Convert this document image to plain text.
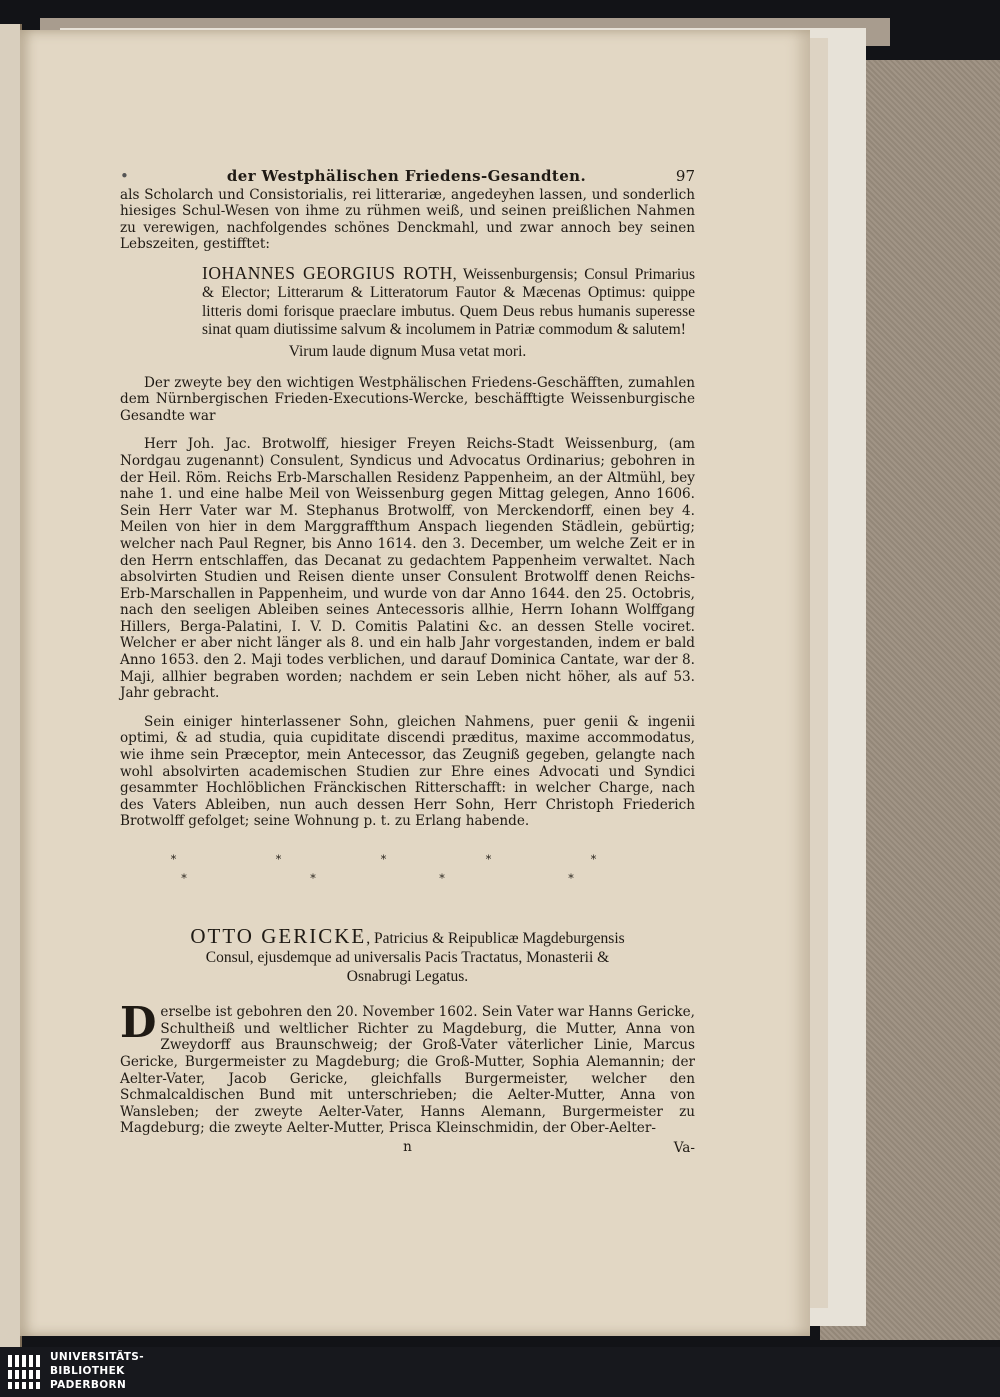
•	der Westphälischen Friedens-Gesandten.	97

als Scholarch und Consistorialis, rei litterariæ, angedeyhen lassen, und sonderlich hiesiges Schul-Wesen von ihme zu rühmen weiß, und seinen preißlichen Nahmen zu verewigen, nachfolgendes schönes Denckmahl, und zwar annoch bey seinen Lebszeiten, gestifftet:

IOHANNES GEORGIUS ROTH, Weissenburgensis; Consul Primarius & Elector; Litterarum & Litteratorum Fautor & Mæcenas Optimus: quippe litteris domi forisque praeclare imbutus. Quem Deus rebus humanis superesse sinat quam diutissime salvum & incolumem in Patriæ commodum & salutem!
Virum laude dignum Musa vetat mori.

Der zweyte bey den wichtigen Westphälischen Friedens-Geschäfften, zumahlen dem Nürnbergischen Frieden-Executions-Wercke, beschäfftigte Weissenburgische Gesandte war

Herr Joh. Jac. Brotwolff, hiesiger Freyen Reichs-Stadt Weissenburg, (am Nordgau zugenannt) Consulent, Syndicus und Advocatus Ordinarius; gebohren in der Heil. Röm. Reichs Erb-Marschallen Residenz Pappenheim, an der Altmühl, bey nahe 1. und eine halbe Meil von Weissenburg gegen Mittag gelegen, Anno 1606. Sein Herr Vater war M. Stephanus Brotwolff, von Merckendorff, einen bey 4. Meilen von hier in dem Marggraffthum Anspach liegenden Städlein, gebürtig; welcher nach Paul Regner, bis Anno 1614. den 3. December, um welche Zeit er in den Herrn entschlaffen, das Decanat zu gedachtem Pappenheim verwaltet. Nach absolvirten Studien und Reisen diente unser Consulent Brotwolff denen Reichs-Erb-Marschallen in Pappenheim, und wurde von dar Anno 1644. den 25. Octobris, nach den seeligen Ableiben seines Antecessoris allhie, Herrn Iohann Wolffgang Hillers, Berga-Palatini, I. V. D. Comitis Palatini &c. an dessen Stelle vociret. Welcher er aber nicht länger als 8. und ein halb Jahr vorgestanden, indem er bald Anno 1653. den 2. Maji todes verblichen, und darauf Dominica Cantate, war der 8. Maji, allhier begraben worden; nachdem er sein Leben nicht höher, als auf 53. Jahr gebracht.

Sein einiger hinterlassener Sohn, gleichen Nahmens, puer genii & ingenii optimi, & ad studia, quia cupiditate discendi præditus, maxime accommodatus, wie ihme sein Præceptor, mein Antecessor, das Zeugniß gegeben, gelangte nach wohl absolvirten academischen Studien zur Ehre eines Advocati und Syndici gesammter Hochlöblichen Fränckischen Ritterschafft: in welcher Charge, nach des Vaters Ableiben, nun auch dessen Herr Sohn, Herr Christoph Friederich Brotwolff gefolget; seine Wohnung p. t. zu Erlang habende.

* * * * *
* * * *
OTTO GERICKE, Patricius & Reipublicæ Magdeburgensis
Consul, ejusdemque ad universalis Pacis Tractatus, Monasterii &
Osnabrugi Legatus.
D erselbe ist gebohren den 20. November 1602. Sein Vater war Hanns Gericke, Schultheiß und weltlicher Richter zu Magdeburg, die Mutter, Anna von Zweydorff aus Braunschweig; der Groß-Vater väterlicher Linie, Marcus Gericke, Burgermeister zu Magdeburg; die Groß-Mutter, Sophia Alemannin; der Aelter-Vater, Jacob Gericke, gleichfalls Burgermeister, welcher den Schmalcaldischen Bund mit unterschrieben; die Aelter-Mutter, Anna von Wansleben; der zweyte Aelter-Vater, Hanns Alemann, Burgermeister zu Magdeburg; die zweyte Aelter-Mutter, Prisca Kleinschmidin, der Ober-Aelter-

n	Va-
UNIVERSITÄTS-
BIBLIOTHEK
PADERBORN
